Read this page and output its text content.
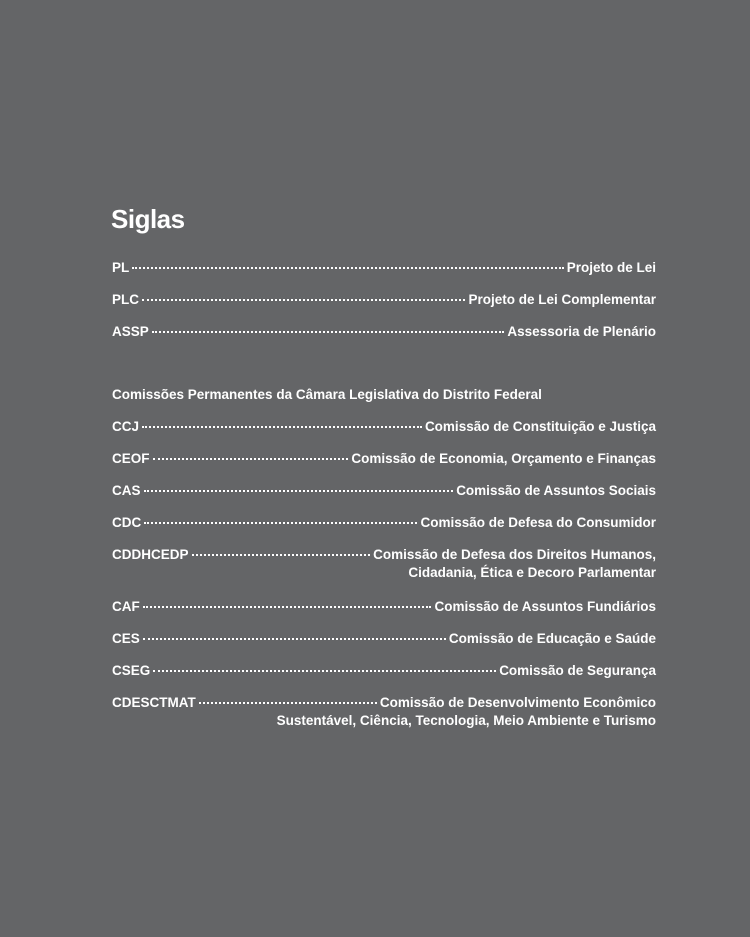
Siglas
PL	Projeto de Lei
PLC	Projeto de Lei Complementar
ASSP	Assessoria de Plenário
Comissões Permanentes da Câmara Legislativa do Distrito Federal
CCJ	Comissão de Constituição e Justiça
CEOF	Comissão de Economia, Orçamento e Finanças
CAS	Comissão de Assuntos Sociais
CDC	Comissão de Defesa do Consumidor
CDDHCEDP	Comissão de Defesa dos Direitos Humanos,
Cidadania, Ética e Decoro Parlamentar
CAF	Comissão de Assuntos Fundiários
CES	Comissão de Educação e Saúde
CSEG	Comissão de Segurança
CDESCTMAT	Comissão de Desenvolvimento Econômico
Sustentável, Ciência, Tecnologia, Meio Ambiente e Turismo
